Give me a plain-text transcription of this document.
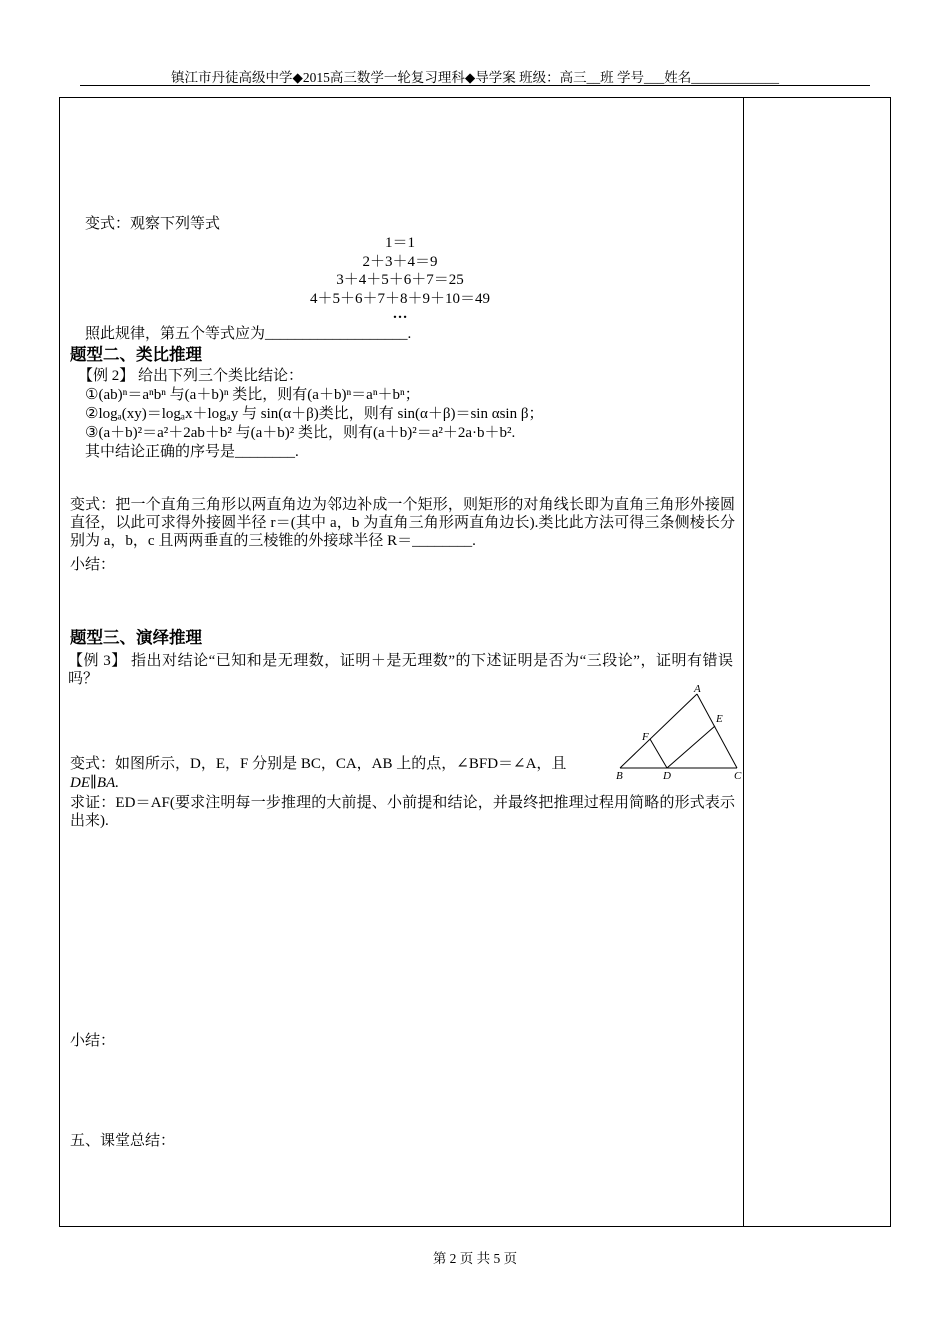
镇江市丹徒高级中学◆2015高三数学一轮复习理科◆导学案 班级：高三__班 学号___姓名_____________
变式：观察下列等式
1＝1
2＋3＋4＝9
3＋4＋5＋6＋7＝25
4＋5＋6＋7＋8＋9＋10＝49
…
照此规律，第五个等式应为___________________.
题型二、类比推理
【例 2】 给出下列三个类比结论：
①(ab)ⁿ＝aⁿbⁿ 与(a＋b)ⁿ 类比，则有(a＋b)ⁿ＝aⁿ＋bⁿ；
②logₐ(xy)＝logₐx＋logₐy 与 sin(α＋β)类比，则有 sin(α＋β)＝sin αsin β；
③(a＋b)²＝a²＋2ab＋b² 与(a＋b)² 类比，则有(a＋b)²＝a²＋2a·b＋b².
其中结论正确的序号是________.
变式：把一个直角三角形以两直角边为邻边补成一个矩形，则矩形的对角线长即为直角三角形外接圆直径，以此可求得外接圆半径 r＝(其中 a，b 为直角三角形两直角边长).类比此方法可得三条侧棱长分别为 a，b，c 且两两垂直的三棱锥的外接球半径 R＝________.
小结：
题型三、演绎推理
【例 3】 指出对结论“已知和是无理数，证明＋是无理数”的下述证明是否为“三段论”，证明有错误吗？
变式：如图所示，D，E，F 分别是 BC，CA，AB 上的点，∠BFD＝∠A，且
DE∥BA.
求证：ED＝AF(要求注明每一步推理的大前提、小前提和结论，并最终把推理过程用简略的形式表示出来).
A
E
F
B	D	C
小结：
五、课堂总结：
第 2 页 共 5 页
